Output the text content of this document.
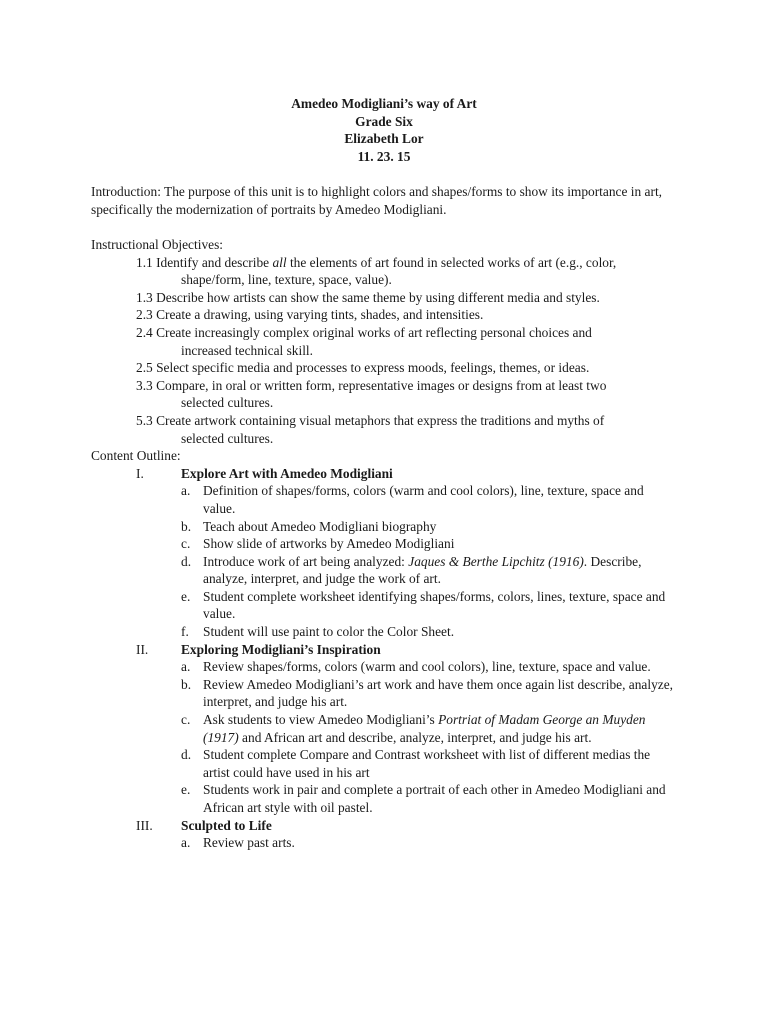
Amedeo Modigliani’s way of Art
Grade Six
Elizabeth Lor
11. 23. 15
Introduction: The purpose of this unit is to highlight colors and shapes/forms to show its importance in art, specifically the modernization of portraits by Amedeo Modigliani.
Instructional Objectives:
1.1 Identify and describe all the elements of art found in selected works of art (e.g., color,
shape/form, line, texture, space, value).
1.3 Describe how artists can show the same theme by using different media and styles.
2.3 Create a drawing, using varying tints, shades, and intensities.
2.4 Create increasingly complex original works of art reflecting personal choices and
increased technical skill.
2.5 Select specific media and processes to express moods, feelings, themes, or ideas.
3.3 Compare, in oral or written form, representative images or designs from at least two
selected cultures.
5.3 Create artwork containing visual metaphors that express the traditions and myths of
selected cultures.
Content Outline:
I.	Explore Art with Amedeo Modigliani
a. Definition of shapes/forms, colors (warm and cool colors), line, texture, space and value.
b. Teach about Amedeo Modigliani biography
c. Show slide of artworks by Amedeo Modigliani
d. Introduce work of art being analyzed: Jaques & Berthe Lipchitz (1916). Describe, analyze, interpret, and judge the work of art.
e. Student complete worksheet identifying shapes/forms, colors, lines, texture, space and value.
f.	Student will use paint to color the Color Sheet.
II.	Exploring Modigliani’s Inspiration
a. Review shapes/forms, colors (warm and cool colors), line, texture, space and value.
b. Review Amedeo Modigliani’s art work and have them once again list describe, analyze, interpret, and judge his art.
c. Ask students to view Amedeo Modigliani’s Portriat of Madam George an Muyden (1917) and African art and describe, analyze, interpret, and judge his art.
d. Student complete Compare and Contrast worksheet with list of different medias the artist could have used in his art
e. Students work in pair and complete a portrait of each other in Amedeo Modigliani and African art style with oil pastel.
III.	Sculpted to Life
a. Review past arts.
